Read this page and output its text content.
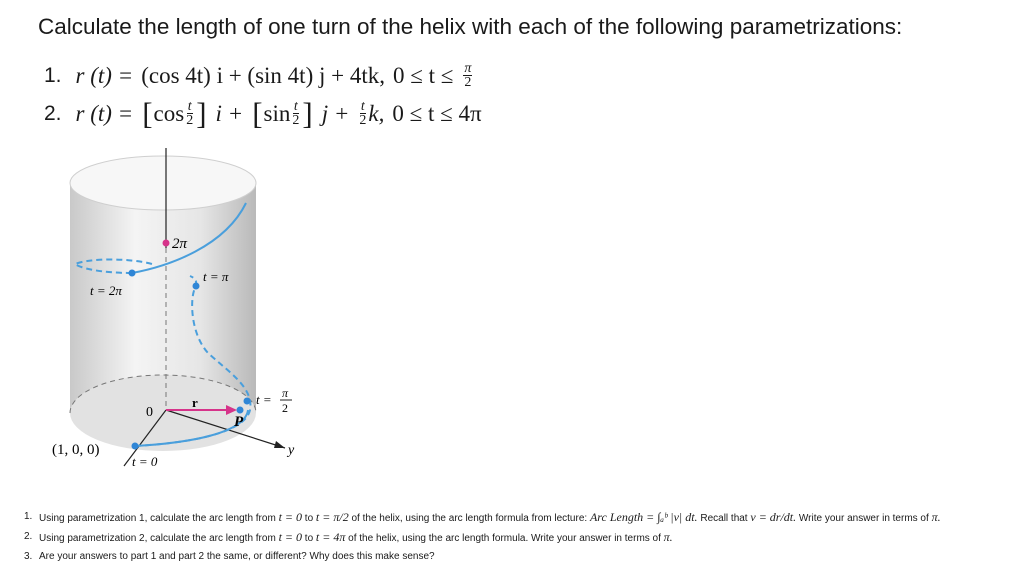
Calculate the length of one turn of the helix with each of the following parametrizations:
1. r (t) = (cos 4t) i + (sin 4t) j + 4tk, $0 \le t \le \frac{\pi}{2}$
2. r (t) = [ $\cos \frac{t}{2}$ ] i + [ $\sin \frac{t}{2}$ ] $j + \frac{t}{2} k$, 0 ≤ t ≤ 4π
2π
t = π
t = 2π
t = π
2
0
r
P
(1, 0, 0)
t = 0
y
1. Using parametrization 1, calculate the arc length from t = 0 to t = π/2 of the helix, using the arc length formula from lecture: Arc Length = ∫ₐᵇ |v| dt. Recall that v = dr/dt. Write your answer in terms of π.
2. Using parametrization 2, calculate the arc length from t = 0 to t = 4π of the helix, using the arc length formula. Write your answer in terms of π.
3. Are your answers to part 1 and part 2 the same, or different? Why does this make sense?
